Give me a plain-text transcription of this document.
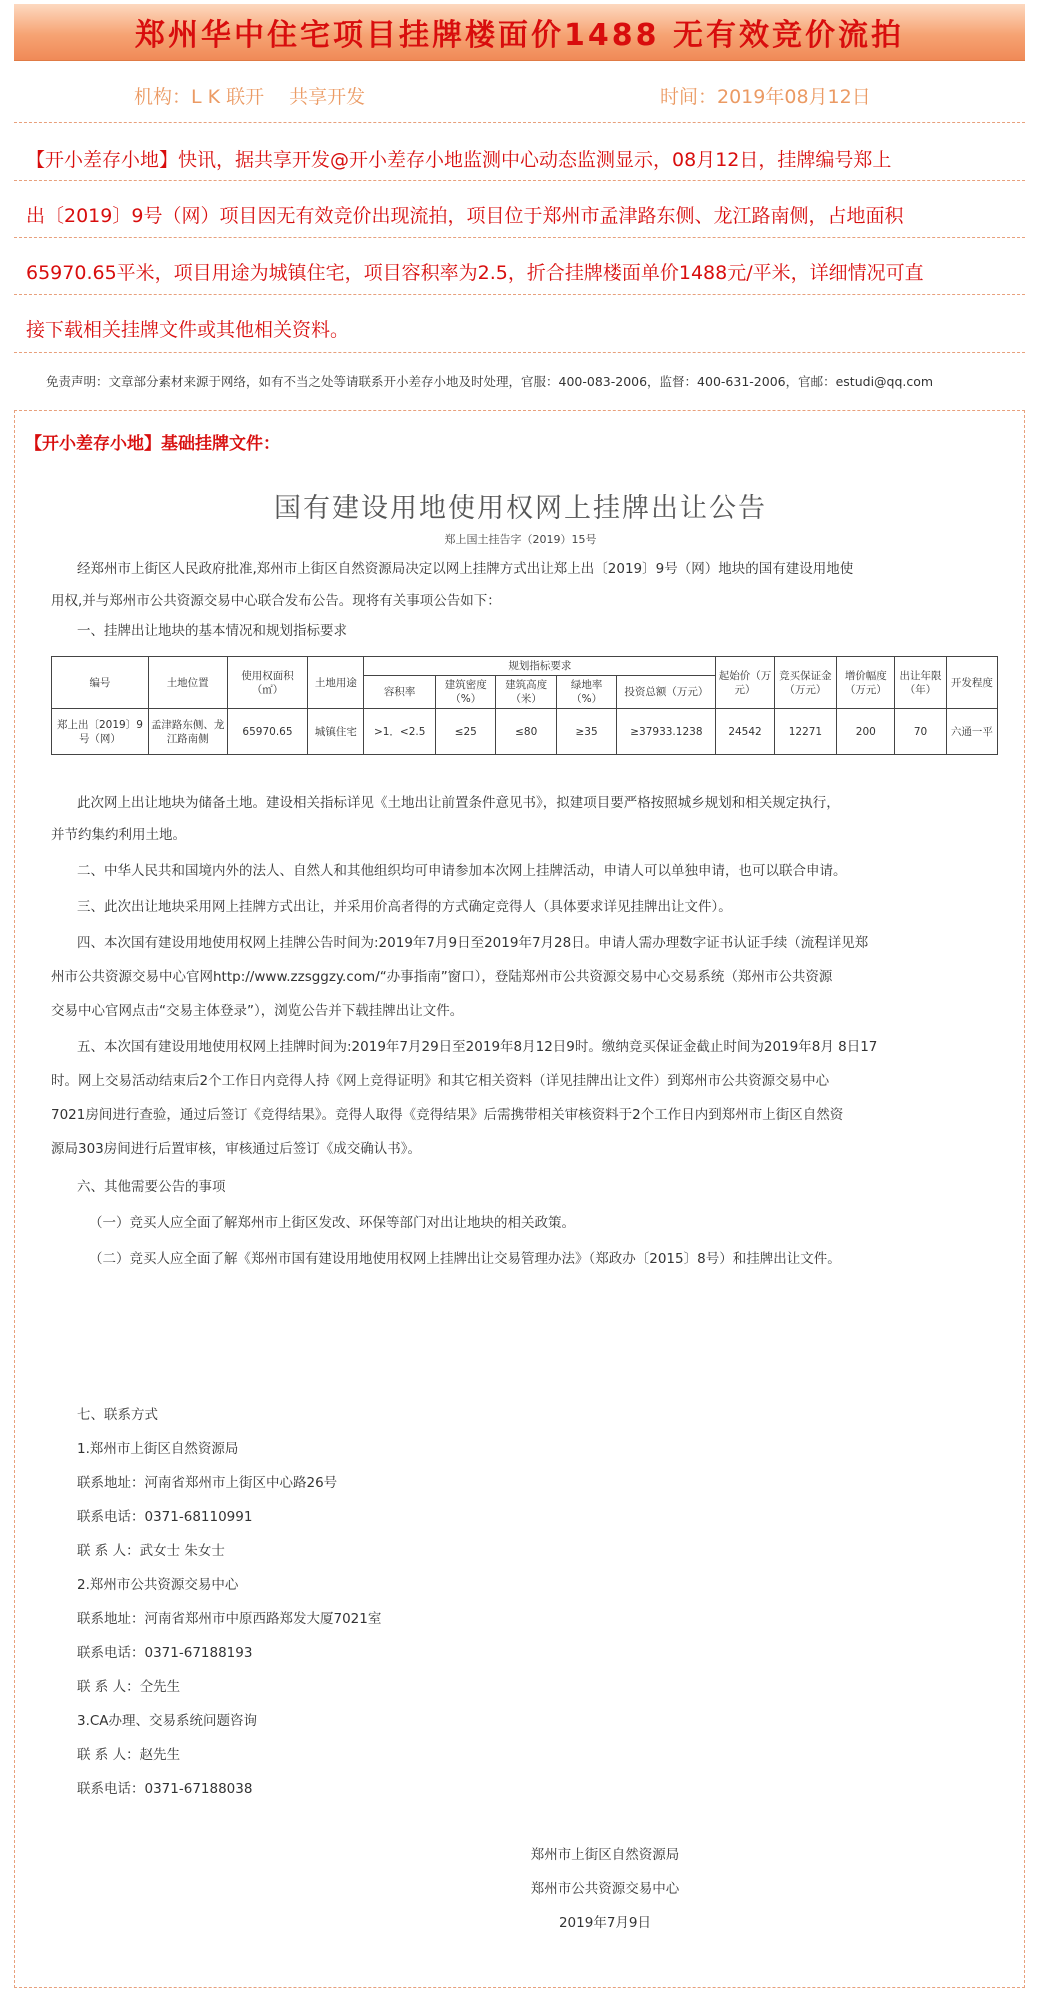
郑州华中住宅项目挂牌楼面价1488 无有效竞价流拍
机构：L K 联开　 共享开发	时间：2019年08月12日
【开小差存小地】快讯，据共享开发@开小差存小地监测中心动态监测显示，08月12日，挂牌编号郑上
出〔2019〕9号（网）项目因无有效竞价出现流拍，项目位于郑州市孟津路东侧、龙江路南侧，占地面积
65970.65平米，项目用途为城镇住宅，项目容积率为2.5，折合挂牌楼面单价1488元/平米，详细情况可直
接下载相关挂牌文件或其他相关资料。
免责声明：文章部分素材来源于网络，如有不当之处等请联系开小差存小地及时处理，官服：400-083-2006，监督：400-631-2006，官邮：estudi@qq.com
【开小差存小地】基础挂牌文件：
国有建设用地使用权网上挂牌出让公告
郑上国土挂告字（2019）15号
经郑州市上街区人民政府批准,郑州市上街区自然资源局决定以网上挂牌方式出让郑上出〔2019〕9号（网）地块的国有建设用地使
用权,并与郑州市公共资源交易中心联合发布公告。现将有关事项公告如下：
一、挂牌出让地块的基本情况和规划指标要求
编号	土地位置	使用权面积（㎡）	土地用途	规划指标要求					起始价（万元）	竞买保证金（万元）	增价幅度（万元）	出让年限（年）	开发程度
				容积率	建筑密度（%）	建筑高度（米）	绿地率（%）	投资总额（万元）					
郑上出〔2019〕9号（网）	孟津路东侧、龙江路南侧	65970.65	城镇住宅	>1．<2.5	≤25	≤80	≥35	≥37933.1238	24542	12271	200	70	六通一平
此次网上出让地块为储备土地。建设相关指标详见《土地出让前置条件意见书》，拟建项目要严格按照城乡规划和相关规定执行，
并节约集约利用土地。
二、中华人民共和国境内外的法人、自然人和其他组织均可申请参加本次网上挂牌活动，申请人可以单独申请，也可以联合申请。
三、此次出让地块采用网上挂牌方式出让，并采用价高者得的方式确定竞得人（具体要求详见挂牌出让文件）。
四、本次国有建设用地使用权网上挂牌公告时间为:2019年7月9日至2019年7月28日。申请人需办理数字证书认证手续（流程详见郑
州市公共资源交易中心官网http://www.zzsggzy.com/“办事指南”窗口），登陆郑州市公共资源交易中心交易系统（郑州市公共资源
交易中心官网点击“交易主体登录”），浏览公告并下载挂牌出让文件。
五、本次国有建设用地使用权网上挂牌时间为:2019年7月29日至2019年8月12日9时。缴纳竞买保证金截止时间为2019年8月 8日17
时。网上交易活动结束后2个工作日内竞得人持《网上竞得证明》和其它相关资料（详见挂牌出让文件）到郑州市公共资源交易中心
7021房间进行查验，通过后签订《竞得结果》。竞得人取得《竞得结果》后需携带相关审核资料于2个工作日内到郑州市上街区自然资
源局303房间进行后置审核，审核通过后签订《成交确认书》。
六、其他需要公告的事项
（一）竞买人应全面了解郑州市上街区发改、环保等部门对出让地块的相关政策。
（二）竞买人应全面了解《郑州市国有建设用地使用权网上挂牌出让交易管理办法》（郑政办〔2015〕8号）和挂牌出让文件。
七、联系方式
1.郑州市上街区自然资源局
联系地址：河南省郑州市上街区中心路26号
联系电话：0371-68110991
联 系 人：武女士 朱女士
2.郑州市公共资源交易中心
联系地址：河南省郑州市中原西路郑发大厦7021室
联系电话：0371-67188193
联 系 人：仝先生
3.CA办理、交易系统问题咨询
联 系 人：赵先生
联系电话：0371-67188038
郑州市上街区自然资源局
郑州市公共资源交易中心
2019年7月9日
